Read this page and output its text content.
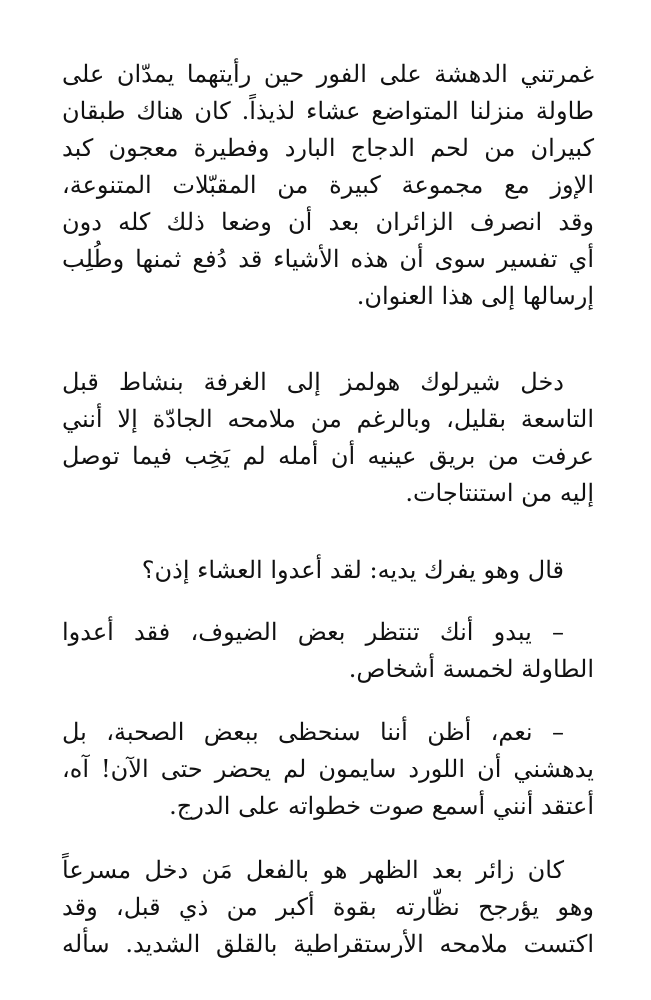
غمرتني الدهشة على الفور حين رأيتهما يمدّان على
طاولة منزلنا المتواضع عشاء لذيذاً. كان هناك طبقان
كبيران من لحم الدجاج البارد وفطيرة معجون كبد
الإوز مع مجموعة كبيرة من المقبّلات المتنوعة،
وقد انصرف الزائران بعد أن وضعا ذلك كله دون
أي تفسير سوى أن هذه الأشياء قد دُفع ثمنها وطُلِب
إرسالها إلى هذا العنوان.
دخل شيرلوك هولمز إلى الغرفة بنشاط قبل
التاسعة بقليل، وبالرغم من ملامحه الجادّة إلا أنني
عرفت من بريق عينيه أن أمله لم يَخِب فيما توصل
إليه من استنتاجات.
قال وهو يفرك يديه: لقد أعدوا العشاء إذن؟
– يبدو أنك تنتظر بعض الضيوف، فقد أعدوا
الطاولة لخمسة أشخاص.
– نعم، أظن أننا سنحظى ببعض الصحبة، بل
يدهشني أن اللورد سايمون لم يحضر حتى الآن! آه،
أعتقد أنني أسمع صوت خطواته على الدرج.
كان زائر بعد الظهر هو بالفعل مَن دخل مسرعاً
وهو يؤرجح نظّارته بقوة أكبر من ذي قبل، وقد
اكتست ملامحه الأرستقراطية بالقلق الشديد. سأله
